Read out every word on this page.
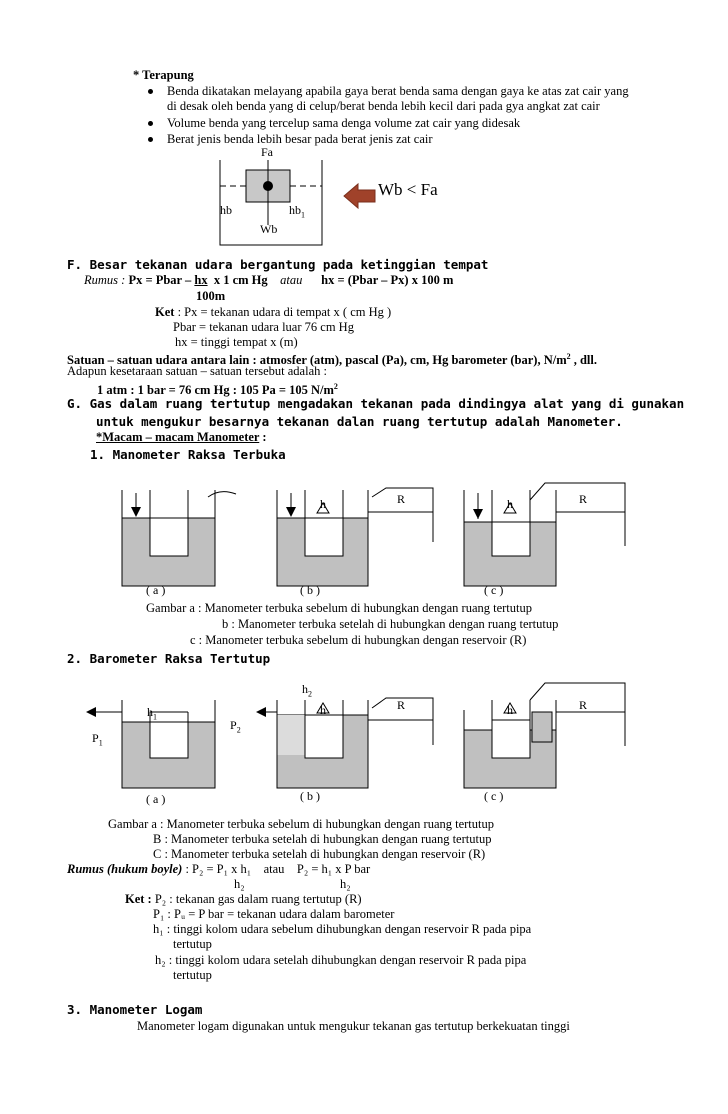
* Terapung
Benda dikatakan melayang apabila gaya berat benda sama dengan gaya ke atas zat cair yang
di desak oleh benda yang di celup/berat benda lebih kecil dari pada gya angkat zat cair
Volume benda yang tercelup sama denga volume zat cair yang didesak
Berat jenis benda lebih besar pada berat jenis zat cair
Fa
hb	$hb_1$
Wb
Wb < Fa
F. Besar tekanan udara bergantung pada ketinggian tempat
Rumus : Px = Pbar – hx x 1 cm Hg atau hx = (Pbar – Px) x 100 m
100m
Ket : Px = tekanan udara di tempat x ( cm Hg )
Pbar = tekanan udara luar 76 cm Hg
hx = tinggi tempat x (m)
Satuan – satuan udara antara lain : atmosfer (atm), pascal (Pa), cm, Hg barometer (bar), $N/m^2$ , dll.
Adapun kesetaraan satuan – satuan tersebut adalah :
1 atm : 1 bar = 76 cm Hg : 105 Pa = 105 $N/m^2$
G. Gas dalam ruang tertutup mengadakan tekanan pada dindingya alat yang di gunakan
untuk mengukur besarnya tekanan dalan ruang tertutup adalah Manometer.
*Macam – macam Manometer :
1. Manometer Raksa Terbuka
h	R	h	R
( a )	( b )	( c )
Gambar a : Manometer terbuka sebelum di hubungkan dengan ruang tertutup
b : Manometer terbuka setelah di hubungkan dengan ruang tertutup
c : Manometer terbuka sebelum di hubungkan dengan reservoir (R)
2. Barometer Raksa Tertutup
$h_2$
$h_1$
$P_2$
$P_1$
h	R	h	R
( a )	( b )	( c )
Gambar a : Manometer terbuka sebelum di hubungkan dengan ruang tertutup
B : Manometer terbuka setelah di hubungkan dengan ruang tertutup
C : Manometer terbuka setelah di hubungkan dengan reservoir (R)
Rumus (hukum boyle) : P₂ = P₁ x h₁ atau P₂ = h₁ x P bar
h₂	h₂
Ket : P₂ : tekanan gas dalam ruang tertutup (R)
P₁ : Pᵤ = P bar = tekanan udara dalam barometer
h₁ : tinggi kolom udara sebelum dihubungkan dengan reservoir R pada pipa
tertutup
h₂ : tinggi kolom udara setelah dihubungkan dengan reservoir R pada pipa
tertutup
3. Manometer Logam
Manometer logam digunakan untuk mengukur tekanan gas tertutup berkekuatan tinggi
